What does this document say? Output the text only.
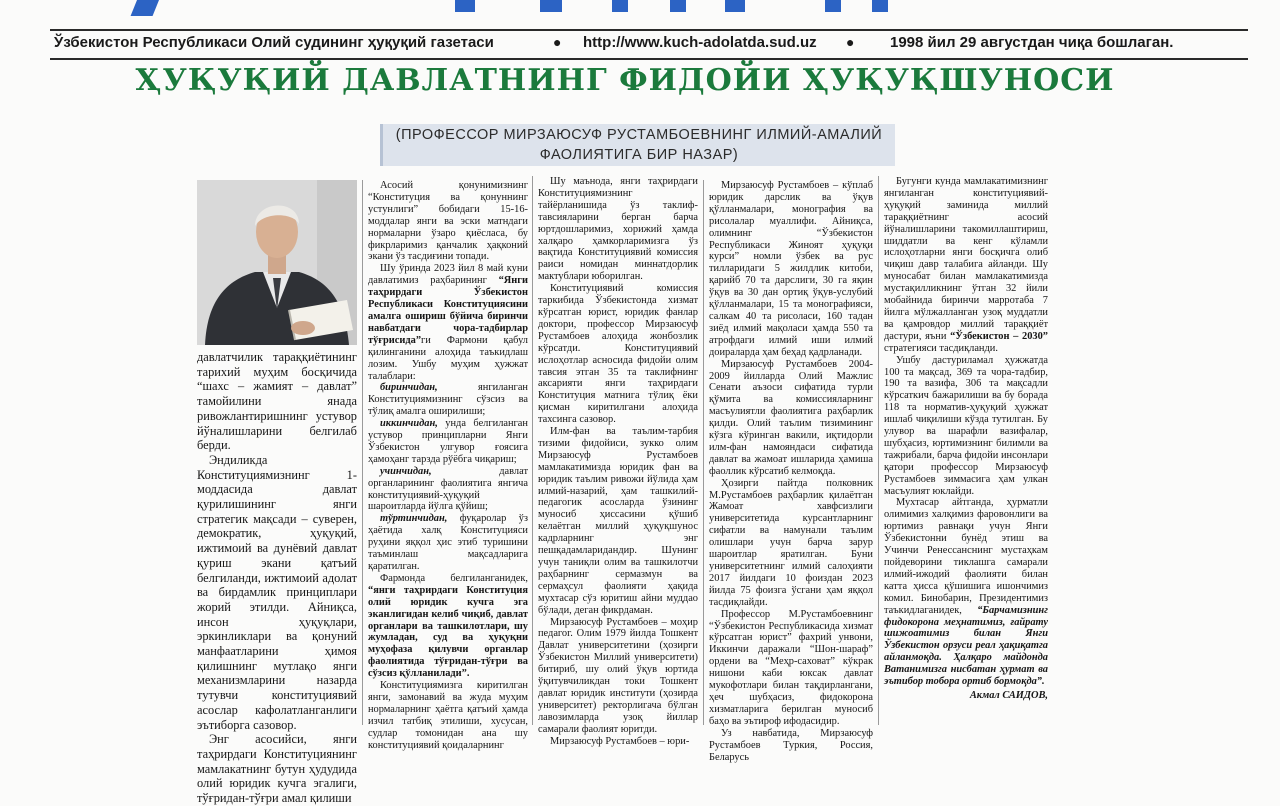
Ўзбекистон Республикаси Олий судининг ҳуқуқий газетаси	● http://www.kuch-adolatda.sud.uz ● 1998 йил 29 августдан чиқа бошлаган.
ҲУҚУҚИЙ ДАВЛАТНИНГ ФИДОЙИ ҲУҚУҚШУНОСИ
(ПРОФЕССОР МИРЗАЮСУФ РУСТАМБОЕВНИНГ ИЛМИЙ-АМАЛИЙ
ФАОЛИЯТИГА БИР НАЗАР)

давлатчилик тараққиётининг тарихий муҳим босқичида “шахс – жамият – давлат” тамойилини янада ривожлантиришнинг устувор йўналишларини белгилаб берди.

Эндиликда Конституциямизнинг 1-моддасида давлат қурилишининг янги стратегик мақсади – суверен, демократик, ҳуқуқий, ижтимоий ва дунёвий давлат қуриш экани қатъий белгиланди, ижтимоий адолат ва бирдамлик принциплари жорий этилди. Айниқса, инсон ҳуқуқлари, эркинликлари ва қонуний манфаатларини ҳимоя қилишнинг мутлақо янги механизмларини назарда тутувчи конституциявий асослар кафолатланганлиги эътиборга сазовор.

Энг асосийси, янги таҳрирдаги Конституциянинг мамлакатнинг бутун ҳудудида олий юридик кучга эгалиги, тўғридан-тўғри амал қилиши

Асосий қонунимизнинг “Конституция ва қонуннинг устунлиги” бобидаги 15-16-моддалар янги ва эски матндаги нормаларни ўзаро қиёсласа, бу фикрларимиз қанчалик ҳақконий экани ўз тасдиғини топади.

Шу ўринда 2023 йил 8 май куни давлатимиз раҳбарининг “Янги таҳрирдаги Ўзбекистон Республикаси Конституциясини амалга ошириш бўйича биринчи навбатдаги чора-тадбирлар тўғрисида”ги Фармони қабул қилинганини алоҳида таъкидлаш лозим. Ушбу муҳим ҳужжат талаблари:

биринчидан,	янгиланган Конституциямизнинг сўзсиз ва тўлиқ амалга оширилиши;

иккинчидан, унда белгиланган устувор принципларни Янги Ўзбекистон улгувор ғоясига ҳамоҳанг тарзда рўёбга чиқариш;

учинчидан,	давлат органларининг фаолиятига янгича конституциявий-ҳуқуқий шароитларда йўлга қўйиш;

тўртинчидан, фуқаролар ўз ҳаётида халқ Конституцияси руҳини яққол ҳис этиб туришини таъминлаш мақсадларига қаратилган.

Фармонда белгиланганидек, “янги таҳрирдаги Конституция олий юридик кучга эга эканлигидан келиб чиқиб, давлат органлари ва ташкилотлари, шу жумладан, суд ва ҳуқуқни муҳофаза қилувчи органлар фаолиятида тўғридан-тўғри ва сўзсиз қўлланилади”.

Конституциямизга киритилган янги, замонавий ва жуда муҳим нормаларнинг ҳаётга қатъий ҳамда изчил татбиқ этилиши, хусусан, судлар томонидан ана шу конституциявий қоидаларнинг

Шу маънода, янги таҳрирдаги Конституциямизнинг тайёрланишида ўз таклиф-тавсияларини берган барча юртдошларимиз, хорижий ҳамда халқаро ҳамкорларимизга ўз вақтида Конституциявий комиссия раиси номидан миннатдорлик мактублари юборилган.

Конституциявий комиссия таркибида Ўзбекистонда хизмат кўрсатган юрист, юридик фанлар доктори, профессор Мирзаюсуф Рустамбоев алоҳида жонбозлик кўрсатди. Конституциявий ислоҳотлар асносида фидойи олим тавсия этган 35 та таклифнинг аксарияти янги таҳрирдаги Конституция матнига тўлиқ ёки қисман киритилгани алоҳида тахсинга сазовор.

Илм-фан ва таълим-тарбия тизими фидойиси, зукко олим Мирзаюсуф Рустамбоев мамлакатимизда юридик фан ва юридик таълим ривожи йўлида ҳам илмий-назарий, ҳам ташкилий-педагогик асосларда ўзининг муносиб ҳиссасини қўшиб келаётган миллий ҳуқуқшунос кадрларнинг энг пешқадамларидандир. Шунинг учун таниқли олим ва ташкилотчи раҳбарнинг сермазмун ва сермаҳсул фаолияти ҳақида мухтасар сўз юритиш айни муддао бўлади, деган фикрдаман.

Мирзаюсуф Рустамбоев – моҳир педагог. Олим 1979 йилда Тошкент Давлат университетини (ҳозирги Ўзбекистон Миллий университети) битириб, шу олий ўқув юртида ўқитувчиликдан токи Тошкент давлат юридик институти (ҳозирда университет) ректорлигача бўлган лавозимларда узоқ йиллар самарали фаолият юритди.

Мирзаюсуф Рустамбоев – юри-

Мирзаюсуф Рустамбоев – кўплаб юридик дарслик ва ўқув қўлланмалари, монография ва рисолалар муаллифи. Айниқса, олимнинг “Ўзбекистон Республикаси Жиноят ҳуқуқи курси” номли ўзбек ва рус тилларидаги 5 жилдлик китоби, қарийб 70 та дарслиги, 30 га яқин ўқув ва 30 дан ортиқ ўқув-услубий қўлланмалари, 15 та монографияси, салкам 40 та рисоласи, 160 тадан зиёд илмий мақоласи ҳамда 550 та атрофдаги илмий иши илмий доираларда ҳам беҳад қадрланади.

Мирзаюсуф Рустамбоев 2004-2009 йилларда Олий Мажлис Сенати аъзоси сифатида турли қўмита ва комиссияларнинг масъулиятли фаолиятига раҳбарлик қилди. Олий таълим тизимининг кўзга кўринган вакили, иқтидорли илм-фан намояндаси сифатида давлат ва жамоат ишларида ҳамиша фаоллик кўрсатиб келмоқда.

Ҳозирги пайтда полковник М.Рустамбоев раҳбарлик қилаётган Жамоат хавфсизлиги университетида курсантларнинг сифатли ва намунали таълим олишлари учун барча зарур шароитлар яратилган. Буни университетнинг илмий салоҳияти 2017 йилдаги 10 фоиздан 2023 йилда 75 фоизга ўсгани ҳам яққол тасдиқлайди.

Профессор М.Рустамбоевнинг “Ўзбекистон Республикасида хизмат кўрсатган юрист” фахрий унвони, Иккинчи даражали “Шон-шараф” ордени ва “Меҳр-саховат” кўкрак нишони каби юксак давлат мукофотлари билан тақдирлангани, ҳеч шубҳасиз, фидокорона хизматларига берилган муносиб баҳо ва эътироф ифодасидир.

Уз навбатида, Мирзаюсуф Рустамбоев Туркия, Россия, Беларусь

Бугунги кунда мамлакатимизнинг янгиланган конституциявий-ҳуқуқий заминида миллий тараққиётнинг асосий йўналишларини такомиллаштириш, шиддатли ва кенг кўламли ислоҳотларни янги босқичга олиб чиқиш давр талабига айланди. Шу муносабат билан мамлакатимизда мустақилликнинг ўтган 32 йили мобайнида биринчи марротаба 7 йилга мўлжалланган узоқ муддатли ва қамровдор миллий тараққиёт дастури, яъни “Ўзбекистон – 2030” стратегияси тасдиқланди.

Ушбу дастуриламал ҳужжатда 100 та мақсад, 369 та чора-тадбир, 190 та вазифа, 306 та мақсадли кўрсаткич бажарилиши ва бу борада 118 та норматив-ҳуқуқий ҳужжат ишлаб чиқилиши кўзда тутилган. Бу улувор ва шарафли вазифалар, шубҳасиз, юртимизнинг билимли ва тажрибали, барча фидойи инсонлари қатори профессор Мирзаюсуф Рустамбоев зиммасига ҳам улкан масъулият юклайди.

Мухтасар айтганда, ҳурматли олимимиз халқимиз фаровонлиги ва юртимиз равнақи учун Янги Ўзбекистонни бунёд этиш ва Учинчи Ренессанснинг мустаҳкам пойдеворини тиклашга самарали илмий-ижодий фаолияти билан катта ҳисса қўшишига ишончимиз комил. Бинобарин, Президентимиз таъкидлаганидек, “Барчамизнинг фидокорона меҳнатимиз, ғайрату шижоатимиз билан Янги Ўзбекистон орзуси реал ҳақиқатга айланмоқда. Ҳалқаро майдонда Ватанимизга нисбатан ҳурмат ва эътибор тобора ортиб бормоқда”.

Акмал САИДОВ,
